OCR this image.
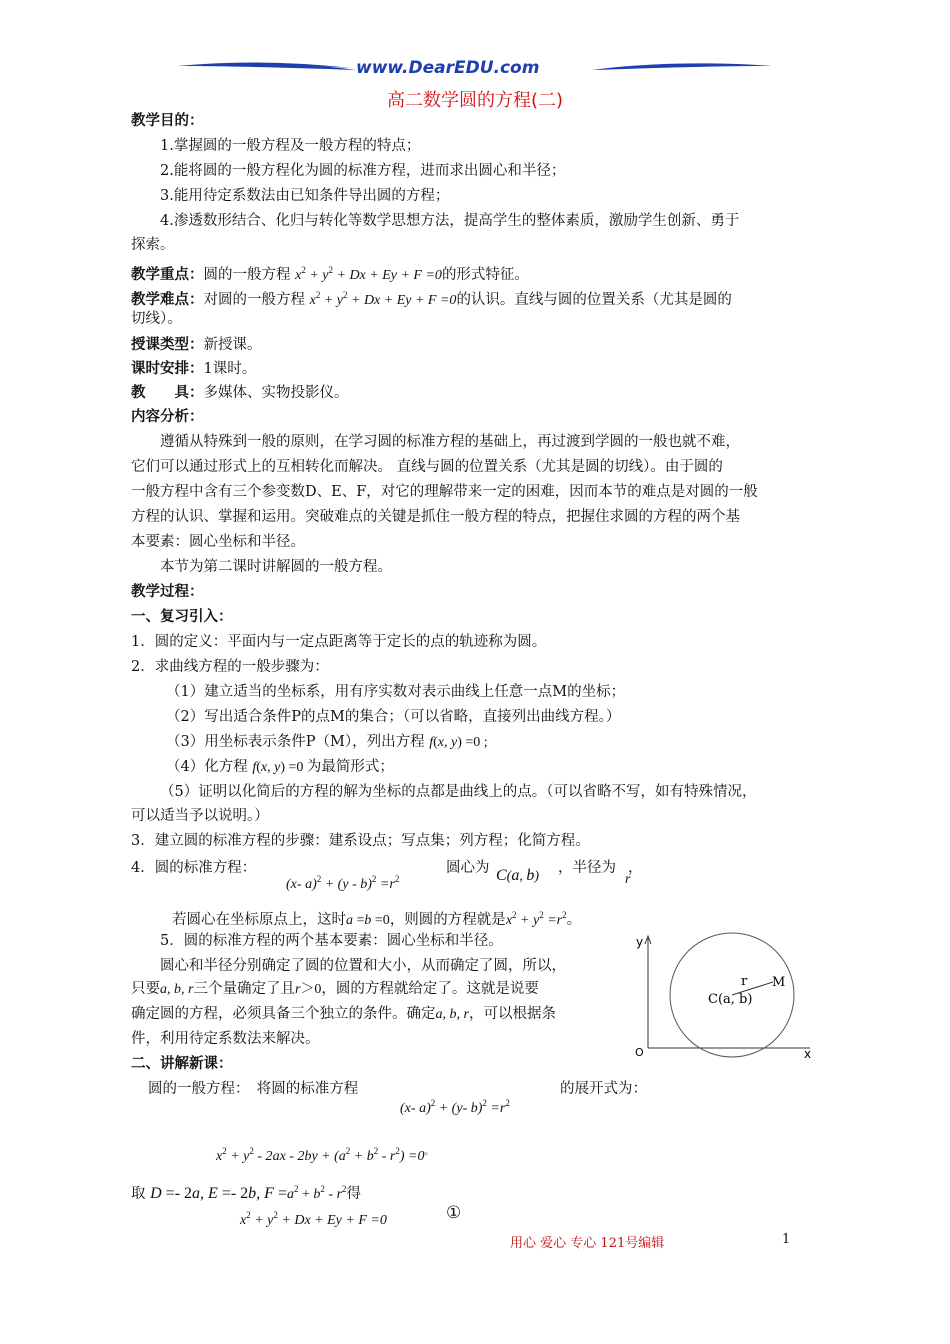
www.DearEDU.com
高二数学圆的方程(二)
教学目的：
1.掌握圆的一般方程及一般方程的特点；
2.能将圆的一般方程化为圆的标准方程，进而求出圆心和半径；
3.能用待定系数法由已知条件导出圆的方程；
4.渗透数形结合、化归与转化等数学思想方法，提高学生的整体素质，激励学生创新、勇于
探索。
教学重点：圆的一般方程 $x^2 + y^2 + Dx + Ey + F =0$的形式特征。
教学难点：对圆的一般方程 $x^2 + y^2 + Dx + Ey + F =0$的认识。直线与圆的位置关系（尤其是圆的
切线）。
授课类型：新授课。
课时安排：1课时。
教　　具：多媒体、实物投影仪。
内容分析：
遵循从特殊到一般的原则，在学习圆的标准方程的基础上，再过渡到学圆的一般也就不难，
它们可以通过形式上的互相转化而解决。 直线与圆的位置关系（尤其是圆的切线）。由于圆的
一般方程中含有三个参变数D、E、F，对它的理解带来一定的困难，因而本节的难点是对圆的一般
方程的认识、掌握和运用。突破难点的关键是抓住一般方程的特点，把握住求圆的方程的两个基
本要素：圆心坐标和半径。
本节为第二课时讲解圆的一般方程。
教学过程：
一、复习引入：
1．圆的定义：平面内与一定点距离等于定长的点的轨迹称为圆。
2．求曲线方程的一般步骤为：
（1）建立适当的坐标系，用有序实数对表示曲线上任意一点M的坐标；
（2）写出适合条件P的点M的集合；（可以省略，直接列出曲线方程。）
（3）用坐标表示条件P（M），列出方程 f(x, y) =0 ;
（4）化方程 f(x, y) =0 为最简形式；
（5）证明以化简后的方程的解为坐标的点都是曲线上的点。（可以省略不写，如有特殊情况，
可以适当予以说明。）
3．建立圆的标准方程的步骤：建系设点；写点集；列方程；化简方程。
4．圆的标准方程：
(x- $a)^2 + (y - b)^2 =r^2$
圆心为 C(a, b)
，半径为
r
，
若圆心在坐标原点上，这时a =b =0，则圆的方程就是$x^2 + y^2 =r^2$。
5．圆的标准方程的两个基本要素：圆心坐标和半径。
圆心和半径分别确定了圆的位置和大小，从而确定了圆，所以，
只要a, b, r三个量确定了且r＞0，圆的方程就给定了。这就是说要
确定圆的方程，必须具备三个独立的条件。确定a, b, r，可以根据条
件，利用待定系数法来解决。
y
x
O
r M
C(a, b)
二、讲解新课：
圆的一般方程：　将圆的标准方程
(x- a)$^2$ + (y- $b)^2 =r^2$
的展开式为：
$x^2 + y^2 - 2ax - 2by + (a^2 + b^2 - r^2) =0^。$
取 D =- 2a, E =- 2b, $F =a^2 + b^2 - r^2$得
$x^2 + y^2 + Dx + Ey + F =0$	①
用心 爱心 专心 121号编辑	1
